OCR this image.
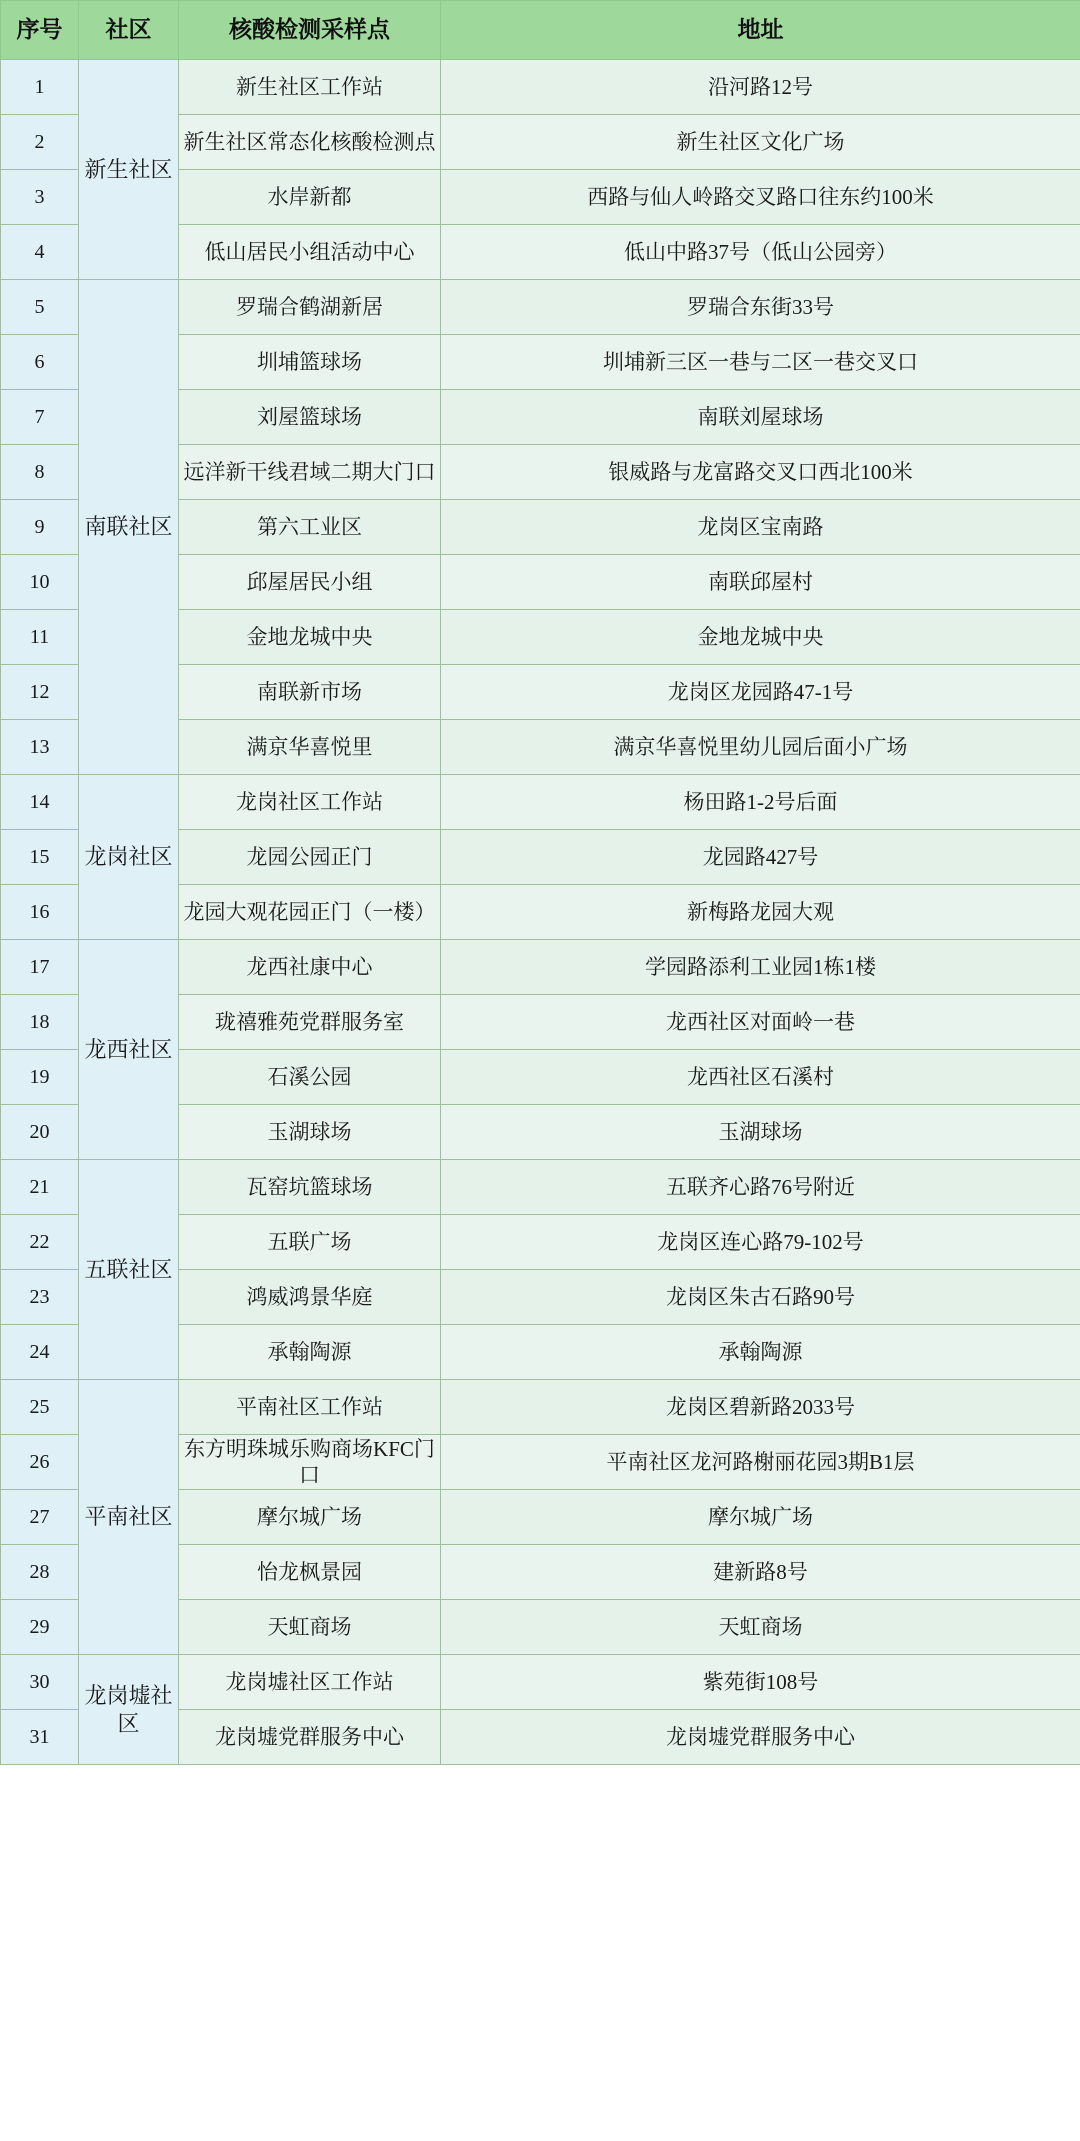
序号	社区	核酸检测采样点	地址
1	新生社区	新生社区工作站	沿河路12号
2		新生社区常态化核酸检测点	新生社区文化广场
3		水岸新都	西路与仙人岭路交叉路口往东约100米
4		低山居民小组活动中心	低山中路37号（低山公园旁）
5	南联社区	罗瑞合鹤湖新居	罗瑞合东街33号
6		圳埔篮球场	圳埔新三区一巷与二区一巷交叉口
7		刘屋篮球场	南联刘屋球场
8		远洋新干线君域二期大门口	银威路与龙富路交叉口西北100米
9		第六工业区	龙岗区宝南路
10		邱屋居民小组	南联邱屋村
11		金地龙城中央	金地龙城中央
12		南联新市场	龙岗区龙园路47-1号
13		满京华喜悦里	满京华喜悦里幼儿园后面小广场
14	龙岗社区	龙岗社区工作站	杨田路1-2号后面
15		龙园公园正门	龙园路427号
16		龙园大观花园正门（一楼）	新梅路龙园大观
17	龙西社区	龙西社康中心	学园路添利工业园1栋1楼
18		珑禧雅苑党群服务室	龙西社区对面岭一巷
19		石溪公园	龙西社区石溪村
20		玉湖球场	玉湖球场
21	五联社区	瓦窑坑篮球场	五联齐心路76号附近
22		五联广场	龙岗区连心路79-102号
23		鸿威鸿景华庭	龙岗区朱古石路90号
24		承翰陶源	承翰陶源
25	平南社区	平南社区工作站	龙岗区碧新路2033号
26		东方明珠城乐购商场KFC门口	平南社区龙河路榭丽花园3期B1层
27		摩尔城广场	摩尔城广场
28		怡龙枫景园	建新路8号
29		天虹商场	天虹商场
30	龙岗墟社区	龙岗墟社区工作站	紫苑街108号
31		龙岗墟党群服务中心	龙岗墟党群服务中心
